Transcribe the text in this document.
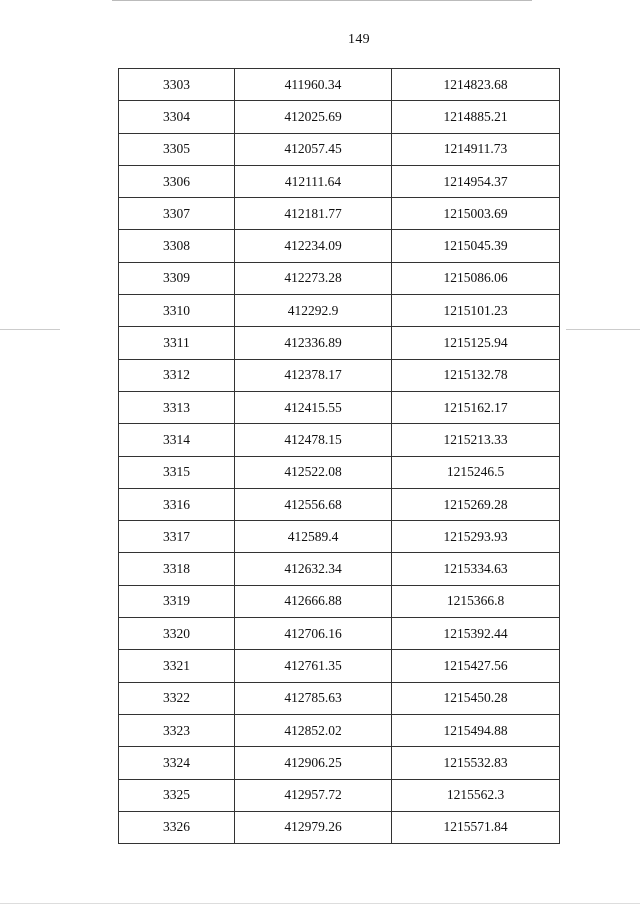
149
3303	411960.34	1214823.68
3304	412025.69	1214885.21
3305	412057.45	1214911.73
3306	412111.64	1214954.37
3307	412181.77	1215003.69
3308	412234.09	1215045.39
3309	412273.28	1215086.06
3310	412292.9	1215101.23
3311	412336.89	1215125.94
3312	412378.17	1215132.78
3313	412415.55	1215162.17
3314	412478.15	1215213.33
3315	412522.08	1215246.5
3316	412556.68	1215269.28
3317	412589.4	1215293.93
3318	412632.34	1215334.63
3319	412666.88	1215366.8
3320	412706.16	1215392.44
3321	412761.35	1215427.56
3322	412785.63	1215450.28
3323	412852.02	1215494.88
3324	412906.25	1215532.83
3325	412957.72	1215562.3
3326	412979.26	1215571.84
